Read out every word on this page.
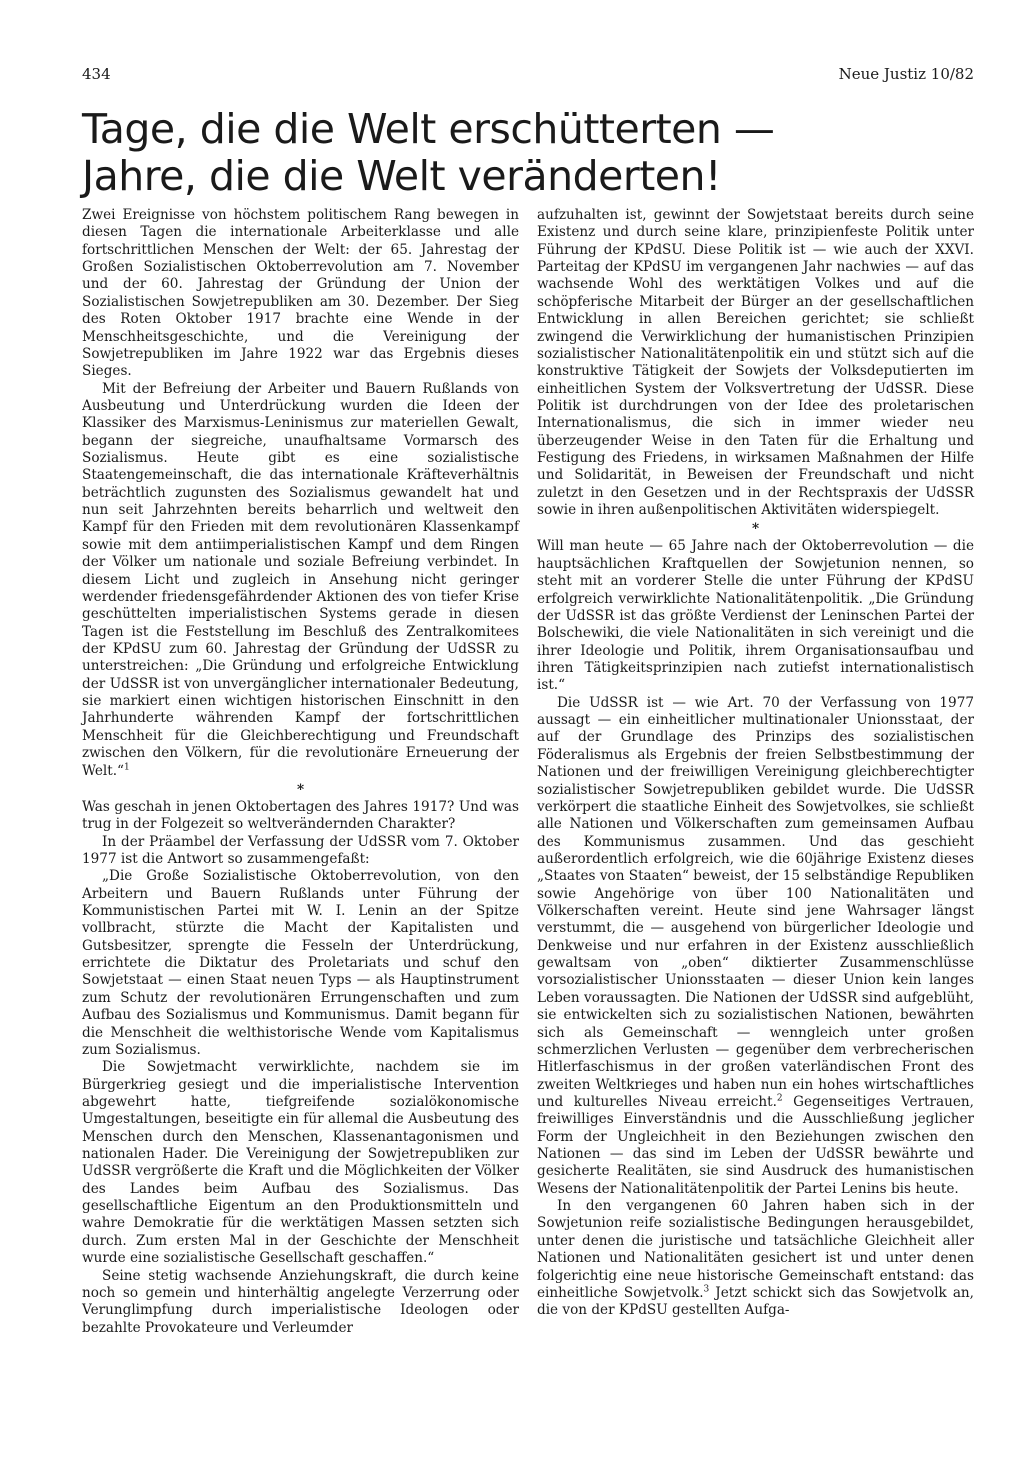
434	Neue Justiz 10/82
Tage, die die Welt erschütterten —
Jahre, die die Welt veränderten!

Zwei Ereignisse von höchstem politischem Rang bewegen in diesen Tagen die internationale Arbeiterklasse und alle fortschrittlichen Menschen der Welt: der 65. Jahrestag der Großen Sozialistischen Oktoberrevolution am 7. November und der 60. Jahrestag der Gründung der Union der Sozialistischen Sowjetrepubliken am 30. Dezember. Der Sieg des Roten Oktober 1917 brachte eine Wende in der Menschheitsgeschichte, und die Vereinigung der Sowjetrepubliken im Jahre 1922 war das Ergebnis dieses Sieges.

Mit der Befreiung der Arbeiter und Bauern Rußlands von Ausbeutung und Unterdrückung wurden die Ideen der Klassiker des Marxismus-Leninismus zur materiellen Gewalt, begann der siegreiche, unaufhaltsame Vormarsch des Sozialismus. Heute gibt es eine sozialistische Staatengemeinschaft, die das internationale Kräfteverhältnis beträchtlich zugunsten des Sozialismus gewandelt hat und nun seit Jahrzehnten bereits beharrlich und weltweit den Kampf für den Frieden mit dem revolutionären Klassenkampf sowie mit dem antiimperialistischen Kampf und dem Ringen der Völker um nationale und soziale Befreiung verbindet. In diesem Licht und zugleich in Ansehung nicht geringer werdender friedensgefährdender Aktionen des von tiefer Krise geschüttelten imperialistischen Systems gerade in diesen Tagen ist die Feststellung im Beschluß des Zentralkomitees der KPdSU zum 60. Jahrestag der Gründung der UdSSR zu unterstreichen: „Die Gründung und erfolgreiche Entwicklung der UdSSR ist von unvergänglicher internationaler Bedeutung, sie markiert einen wichtigen historischen Einschnitt in den Jahrhunderte währenden Kampf der fortschrittlichen Menschheit für die Gleichberechtigung und Freundschaft zwischen den Völkern, für die revolutionäre Erneuerung der Welt.“$^1$

*

Was geschah in jenen Oktobertagen des Jahres 1917? Und was trug in der Folgezeit so weltverändernden Charakter?

In der Präambel der Verfassung der UdSSR vom 7. Oktober 1977 ist die Antwort so zusammengefaßt:

„Die Große Sozialistische Oktoberrevolution, von den Arbeitern und Bauern Rußlands unter Führung der Kommunistischen Partei mit W. I. Lenin an der Spitze vollbracht, stürzte die Macht der Kapitalisten und Gutsbesitzer, sprengte die Fesseln der Unterdrückung, errichtete die Diktatur des Proletariats und schuf den Sowjetstaat — einen Staat neuen Typs — als Hauptinstrument zum Schutz der revolutionären Errungenschaften und zum Aufbau des Sozialismus und Kommunismus. Damit begann für die Menschheit die welthistorische Wende vom Kapitalismus zum Sozialismus.

Die Sowjetmacht verwirklichte, nachdem sie im Bürgerkrieg gesiegt und die imperialistische Intervention abgewehrt hatte, tiefgreifende sozialökonomische Umgestaltungen, beseitigte ein für allemal die Ausbeutung des Menschen durch den Menschen, Klassenantagonismen und nationalen Hader. Die Vereinigung der Sowjetrepubliken zur UdSSR vergrößerte die Kraft und die Möglichkeiten der Völker des Landes beim Aufbau des Sozialismus. Das gesellschaftliche Eigentum an den Produktionsmitteln und wahre Demokratie für die werktätigen Massen setzten sich durch. Zum ersten Mal in der Geschichte der Menschheit wurde eine sozialistische Gesellschaft geschaffen.“

Seine stetig wachsende Anziehungskraft, die durch keine noch so gemein und hinterhältig angelegte Verzerrung oder Verunglimpfung durch imperialistische Ideologen oder bezahlte Provokateure und Verleumder

aufzuhalten ist, gewinnt der Sowjetstaat bereits durch seine Existenz und durch seine klare, prinzipienfeste Politik unter Führung der KPdSU. Diese Politik ist — wie auch der XXVI. Parteitag der KPdSU im vergangenen Jahr nachwies — auf das wachsende Wohl des werktätigen Volkes und auf die schöpferische Mitarbeit der Bürger an der gesellschaftlichen Entwicklung in allen Bereichen gerichtet; sie schließt zwingend die Verwirklichung der humanistischen Prinzipien sozialistischer Nationalitätenpolitik ein und stützt sich auf die konstruktive Tätigkeit der Sowjets der Volksdeputierten im einheitlichen System der Volksvertretung der UdSSR. Diese Politik ist durchdrungen von der Idee des proletarischen Internationalismus, die sich in immer wieder neu überzeugender Weise in den Taten für die Erhaltung und Festigung des Friedens, in wirksamen Maßnahmen der Hilfe und Solidarität, in Beweisen der Freundschaft und nicht zuletzt in den Gesetzen und in der Rechtspraxis der UdSSR sowie in ihren außenpolitischen Aktivitäten widerspiegelt.

*

Will man heute — 65 Jahre nach der Oktoberrevolution — die hauptsächlichen Kraftquellen der Sowjetunion nennen, so steht mit an vorderer Stelle die unter Führung der KPdSU erfolgreich verwirklichte Nationalitätenpolitik. „Die Gründung der UdSSR ist das größte Verdienst der Leninschen Partei der Bolschewiki, die viele Nationalitäten in sich vereinigt und die ihrer Ideologie und Politik, ihrem Organisationsaufbau und ihren Tätigkeitsprinzipien nach zutiefst internationalistisch ist.“

Die UdSSR ist — wie Art. 70 der Verfassung von 1977 aussagt — ein einheitlicher multinationaler Unionsstaat, der auf der Grundlage des Prinzips des sozialistischen Föderalismus als Ergebnis der freien Selbstbestimmung der Nationen und der freiwilligen Vereinigung gleichberechtigter sozialistischer Sowjetrepubliken gebildet wurde. Die UdSSR verkörpert die staatliche Einheit des Sowjetvolkes, sie schließt alle Nationen und Völkerschaften zum gemeinsamen Aufbau des Kommunismus zusammen. Und das geschieht außerordentlich erfolgreich, wie die 60jährige Existenz dieses „Staates von Staaten“ beweist, der 15 selbständige Republiken sowie Angehörige von über 100 Nationalitäten und Völkerschaften vereint. Heute sind jene Wahrsager längst verstummt, die — ausgehend von bürgerlicher Ideologie und Denkweise und nur erfahren in der Existenz ausschließlich gewaltsam von „oben“ diktierter Zusammenschlüsse vorsozialistischer Unionsstaaten — dieser Union kein langes Leben voraussagten. Die Nationen der UdSSR sind aufgeblüht, sie entwickelten sich zu sozialistischen Nationen, bewährten sich als Gemeinschaft — wenngleich unter großen schmerzlichen Verlusten — gegenüber dem verbrecherischen Hitlerfaschismus in der großen vaterländischen Front des zweiten Weltkrieges und haben nun ein hohes wirtschaftliches und kulturelles Niveau erreicht.$^2$ Gegenseitiges Vertrauen, freiwilliges Einverständnis und die Ausschließung jeglicher Form der Ungleichheit in den Beziehungen zwischen den Nationen — das sind im Leben der UdSSR bewährte und gesicherte Realitäten, sie sind Ausdruck des humanistischen Wesens der Nationalitätenpolitik der Partei Lenins bis heute.

In den vergangenen 60 Jahren haben sich in der Sowjetunion reife sozialistische Bedingungen herausgebildet, unter denen die juristische und tatsächliche Gleichheit aller Nationen und Nationalitäten gesichert ist und unter denen folgerichtig eine neue historische Gemeinschaft entstand: das einheitliche Sowjetvolk.$^3$ Jetzt schickt sich das Sowjetvolk an, die von der KPdSU gestellten Aufga-
